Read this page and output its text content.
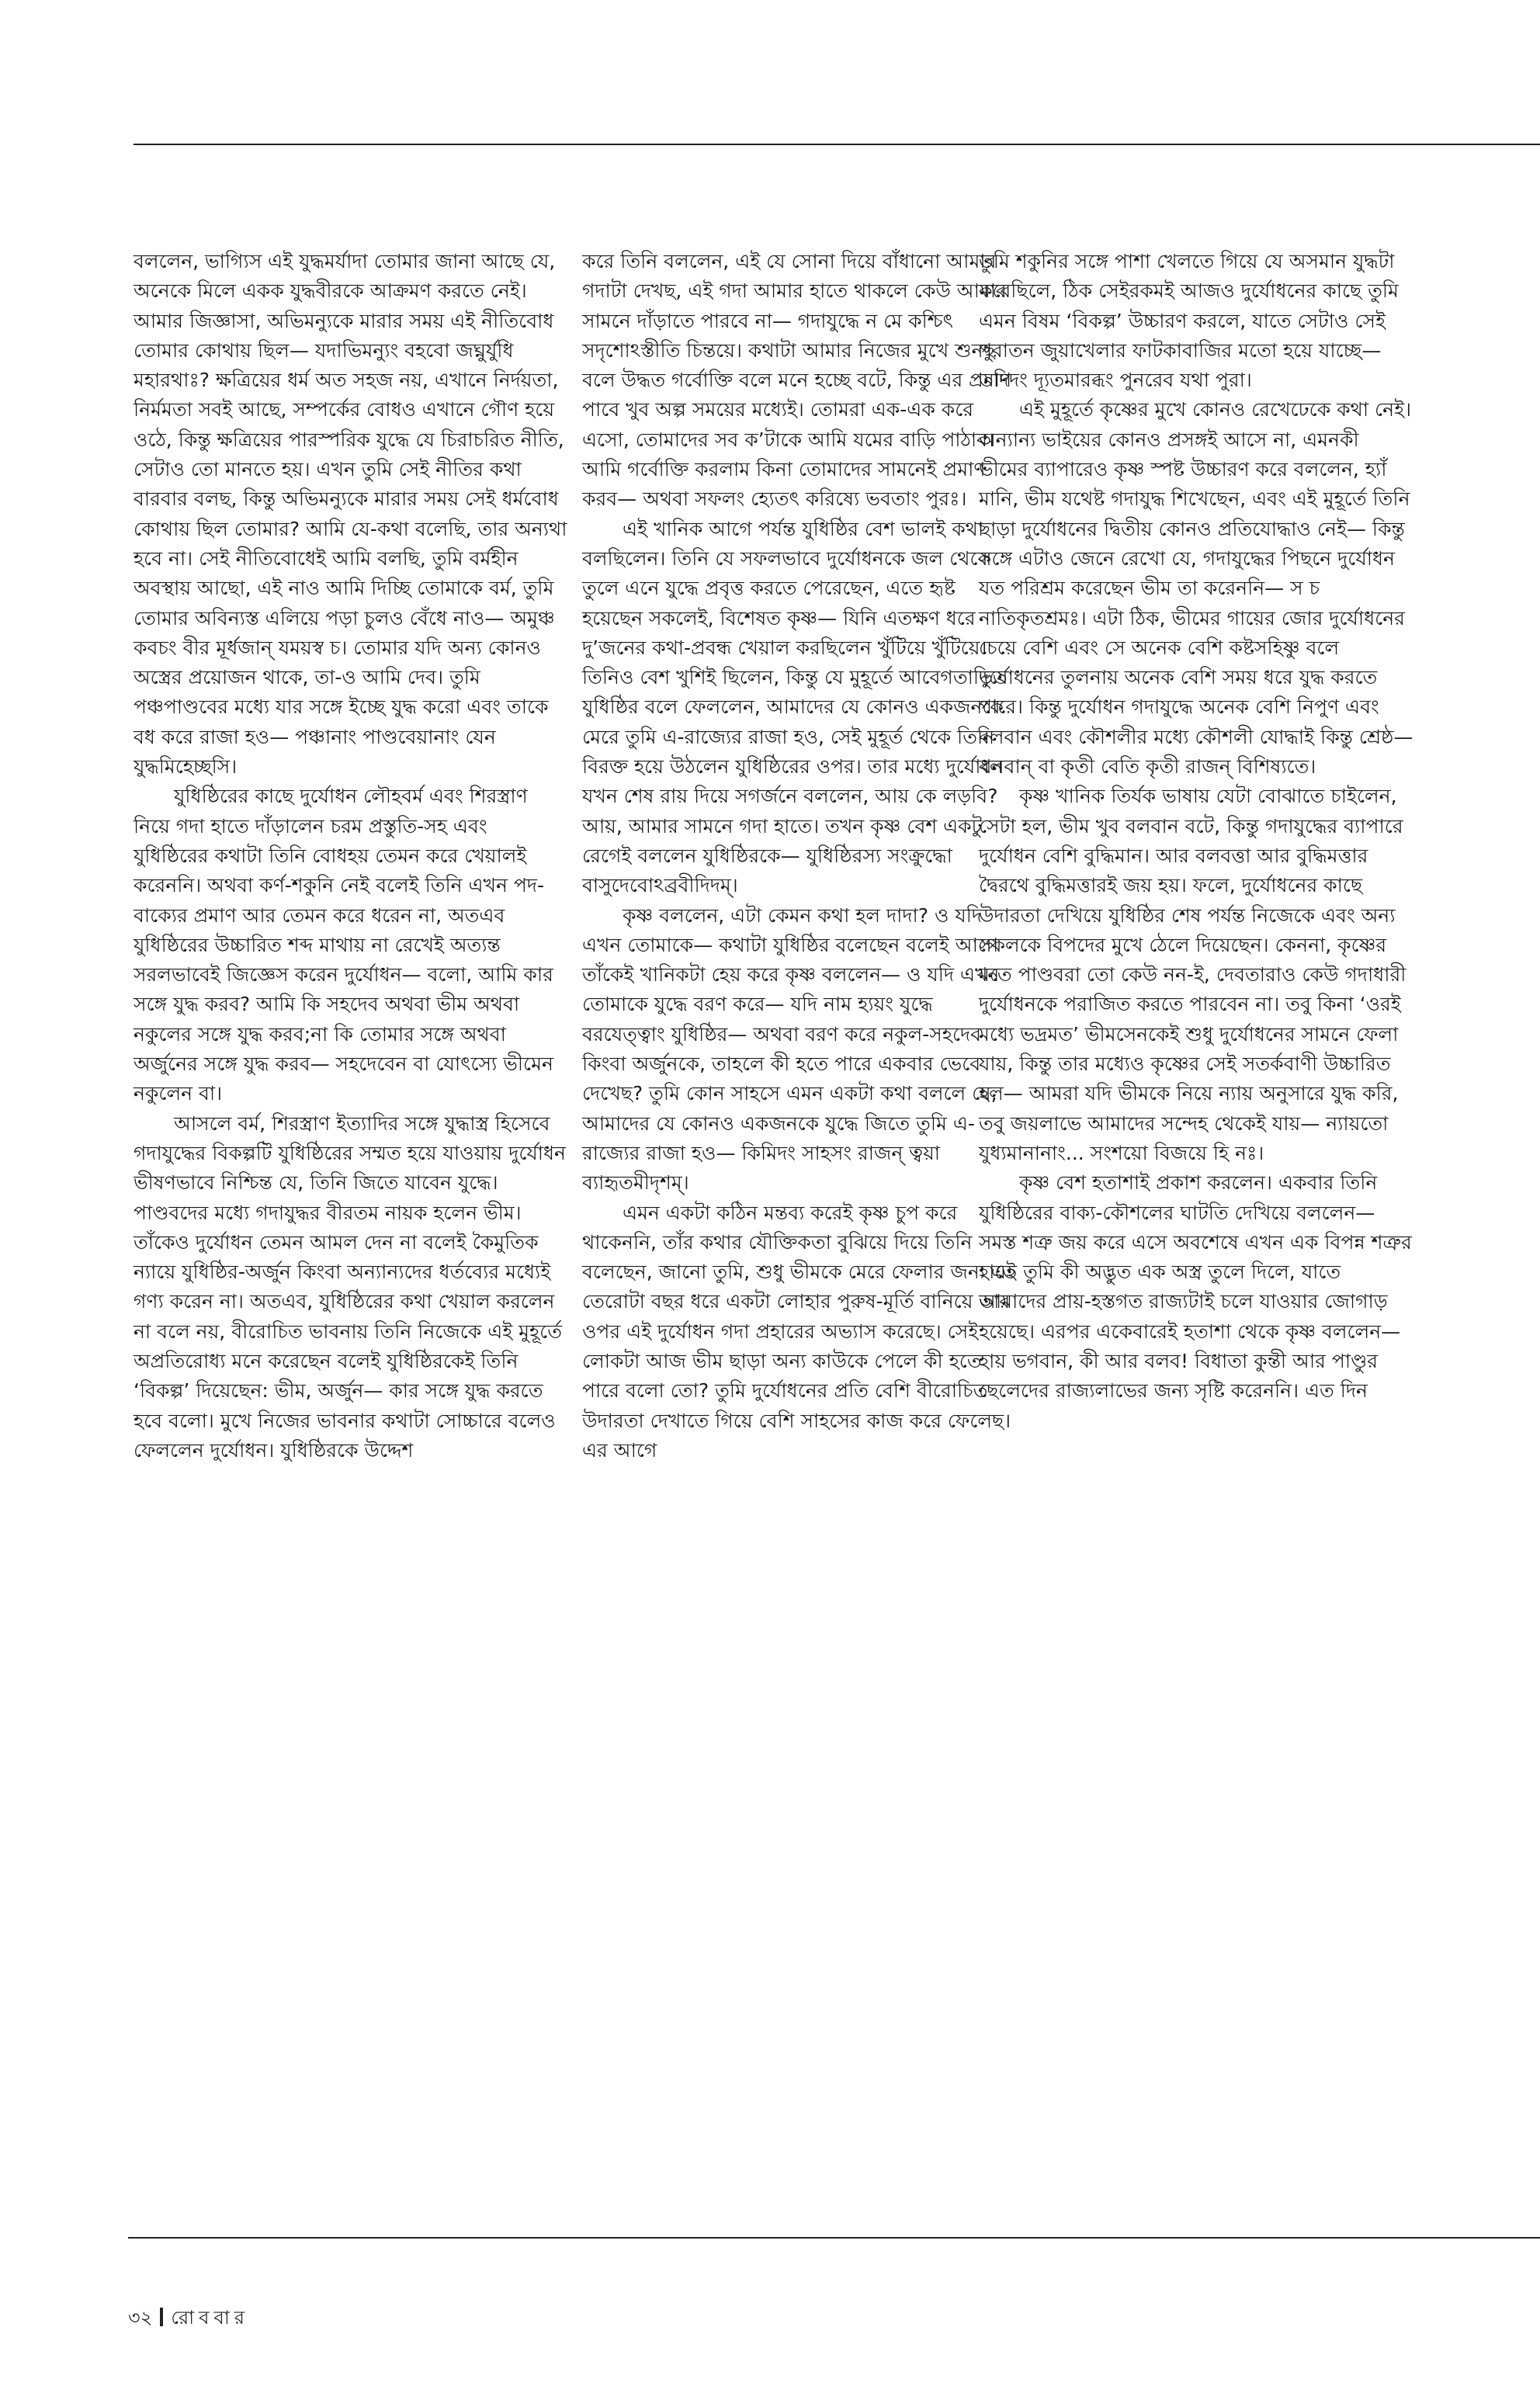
বললেন, ভাগ্যিস এই যুদ্ধমর্যাদা তোমার জানা আছে যে, অনেকে মিলে একক যুদ্ধবীরকে আক্রমণ করতে নেই। আমার জিজ্ঞাসা, অভিমন্যুকে মারার সময় এই নীতিবোধ তোমার কোথায় ছিল— যদাভিমন্যুং বহবো জঘ্নুর্যুধি মহারথাঃ? ক্ষত্রিয়ের ধর্ম অত সহজ নয়, এখানে নির্দয়তা, নির্মমতা সবই আছে, সম্পর্কের বোধও এখানে গৌণ হয়ে ওঠে, কিন্তু ক্ষত্রিয়ের পারস্পরিক যুদ্ধে যে চিরাচরিত নীতি, সেটাও তো মানতে হয়। এখন তুমি সেই নীতির কথা বারবার বলছ, কিন্তু অভিমন্যুকে মারার সময় সেই ধর্মবোধ কোথায় ছিল তোমার? আমি যে-কথা বলেছি, তার অন্যথা হবে না। সেই নীতিবোধেই আমি বলছি, তুমি বর্মহীন অবস্থায় আছো, এই নাও আমি দিচ্ছি তোমাকে বর্ম, তুমি তোমার অবিন্যস্ত এলিয়ে পড়া চুলও বেঁধে নাও— অমুঞ্চ কবচং বীর মূর্ধজান্ যময়স্ব চ। তোমার যদি অন্য কোনও অস্ত্রের প্রয়োজন থাকে, তা-ও আমি দেব। তুমি পঞ্চপাণ্ডবের মধ্যে যার সঙ্গে ইচ্ছে যুদ্ধ করো এবং তাকে বধ করে রাজা হও— পঞ্চানাং পাণ্ডবেয়ানাং যেন যুদ্ধমিহেচ্ছসি।

যুধিষ্ঠিরের কাছে দুর্যোধন লৌহবর্ম এবং শিরস্ত্রাণ নিয়ে গদা হাতে দাঁড়ালেন চরম প্রস্তুতি-সহ এবং যুধিষ্ঠিরের কথাটা তিনি বোধহয় তেমন করে খেয়ালই করেননি। অথবা কর্ণ-শকুনি নেই বলেই তিনি এখন পদ-বাক্যের প্রমাণ আর তেমন করে ধরেন না, অতএব যুধিষ্ঠিরের উচ্চারিত শব্দ মাথায় না রেখেই অত্যন্ত সরলভাবেই জিজ্ঞেস করেন দুর্যোধন— বলো, আমি কার সঙ্গে যুদ্ধ করব? আমি কি সহদেব অথবা ভীম অথবা নকুলের সঙ্গে যুদ্ধ করব;না কি তোমার সঙ্গে অথবা অর্জুনের সঙ্গে যুদ্ধ করব— সহদেবেন বা যোৎস্যে ভীমেন নকুলেন বা।

আসলে বর্ম, শিরস্ত্রাণ ইত্যাদির সঙ্গে যুদ্ধাস্ত্র হিসেবে গদাযুদ্ধের বিকল্পটি যুধিষ্ঠিরের সম্মত হয়ে যাওয়ায় দুর্যোধন ভীষণভাবে নিশ্চিন্ত যে, তিনি জিতে যাবেন যুদ্ধে। পাণ্ডবদের মধ্যে গদাযুদ্ধর বীরতম নায়ক হলেন ভীম। তাঁকেও দুর্যোধন তেমন আমল দেন না বলেই কৈমুতিক ন্যায়ে যুধিষ্ঠির-অর্জুন কিংবা অন্যান্যদের ধর্তব্যের মধ্যেই গণ্য করেন না। অতএব, যুধিষ্ঠিরের কথা খেয়াল করলেন না বলে নয়, বীরোচিত ভাবনায় তিনি নিজেকে এই মুহূর্তে অপ্রতিরোধ্য মনে করেছেন বলেই যুধিষ্ঠিরকেই তিনি ‘বিকল্প’ দিয়েছেন: ভীম, অর্জুন— কার সঙ্গে যুদ্ধ করতে হবে বলো। মুখে নিজের ভাবনার কথাটা সোচ্চারে বলেও ফেললেন দুর্যোধন। যুধিষ্ঠিরকে উদ্দেশ

করে তিনি বললেন, এই যে সোনা দিয়ে বাঁধানো আমার গদাটা দেখছ, এই গদা আমার হাতে থাকলে কেউ আমার সামনে দাঁড়াতে পারবে না— গদাযুদ্ধে ন মে কশ্চিৎ সদৃশোঽস্তীতি চিন্তয়ে। কথাটা আমার নিজের মুখে শুনছ বলে উদ্ধত গর্বোক্তি বলে মনে হচ্ছে বটে, কিন্তু এর প্রমাণ পাবে খুব অল্প সময়ের মধ্যেই। তোমরা এক-এক করে এসো, তোমাদের সব ক’টাকে আমি যমের বাড়ি পাঠাব। আমি গর্বোক্তি করলাম কিনা তোমাদের সামনেই প্রমাণ করব— অথবা সফলং হ্যেতৎ করিষ্যে ভবতাং পুরঃ।

এই খানিক আগে পর্যন্ত যুধিষ্ঠির বেশ ভালই কথা বলছিলেন। তিনি যে সফলভাবে দুর্যোধনকে জল থেকে তুলে এনে যুদ্ধে প্রবৃত্ত করতে পেরেছেন, এতে হৃষ্ট হয়েছেন সকলেই, বিশেষত কৃষ্ণ— যিনি এতক্ষণ ধরে দু’জনের কথা-প্রবন্ধ খেয়াল করছিলেন খুঁটিয়ে খুঁটিয়ে। তিনিও বেশ খুশিই ছিলেন, কিন্তু যে মুহূর্তে আবেগতাড়িত যুধিষ্ঠির বলে ফেললেন, আমাদের যে কোনও একজনকে মেরে তুমি এ-রাজ্যের রাজা হও, সেই মুহূর্ত থেকে তিনি বিরক্ত হয়ে উঠলেন যুধিষ্ঠিরের ওপর। তার মধ্যে দুর্যোধন যখন শেষ রায় দিয়ে সগর্জনে বললেন, আয় কে লড়বি? আয়, আমার সামনে গদা হাতে। তখন কৃষ্ণ বেশ একটু রেগেই বললেন যুধিষ্ঠিরকে— যুধিষ্ঠিরস্য সংক্রুদ্ধো বাসুদেবোঽব্রবীদিদম্।

কৃষ্ণ বললেন, এটা কেমন কথা হল দাদা? ও যদি এখন তোমাকে— কথাটা যুধিষ্ঠির বলেছেন বলেই আগে তাঁকেই খানিকটা হেয় করে কৃষ্ণ বললেন— ও যদি এখন তোমাকে যুদ্ধে বরণ করে— যদি নাম হ্যয়ং যুদ্ধে বরযেত্ত্বাং যুধিষ্ঠির— অথবা বরণ করে নকুল-সহদেব কিংবা অর্জুনকে, তাহলে কী হতে পারে একবার ভেবে দেখেছ? তুমি কোন সাহসে এমন একটা কথা বললে যে, আমাদের যে কোনও একজনকে যুদ্ধে জিতে তুমি এ-রাজ্যের রাজা হও— কিমিদং সাহসং রাজন্ ত্বয়া ব্যাহৃতমীদৃশম্।

এমন একটা কঠিন মন্তব্য করেই কৃষ্ণ চুপ করে থাকেননি, তাঁর কথার যৌক্তিকতা বুঝিয়ে দিয়ে তিনি বলেছেন, জানো তুমি, শুধু ভীমকে মেরে ফেলার জন্য এই তেরোটা বছর ধরে একটা লোহার পুরুষ-মূর্তি বানিয়ে তার ওপর এই দুর্যোধন গদা প্রহারের অভ্যাস করেছে। সেই লোকটা আজ ভীম ছাড়া অন্য কাউকে পেলে কী হতে পারে বলো তো? তুমি দুর্যোধনের প্রতি বেশি বীরোচিত উদারতা দেখাতে গিয়ে বেশি সাহসের কাজ করে ফেলেছ। এর আগে

তুমি শকুনির সঙ্গে পাশা খেলতে গিয়ে যে অসমান যুদ্ধটা করেছিলে, ঠিক সেইরকমই আজও দুর্যোধনের কাছে তুমি এমন বিষম ‘বিকল্প’ উচ্চারণ করলে, যাতে সেটাও সেই পুরাতন জুয়াখেলার ফাটকাবাজির মতো হয়ে যাচ্ছে— তদিদং দ্যূতমারব্ধং পুনরেব যথা পুরা।

এই মুহূর্তে কৃষ্ণের মুখে কোনও রেখেঢেকে কথা নেই। অন্যান্য ভাইয়ের কোনও প্রসঙ্গই আসে না, এমনকী ভীমের ব্যাপারেও কৃষ্ণ স্পষ্ট উচ্চারণ করে বললেন, হ্যাঁ মানি, ভীম যথেষ্ট গদাযুদ্ধ শিখেছেন, এবং এই মুহূর্তে তিনি ছাড়া দুর্যোধনের দ্বিতীয় কোনও প্রতিযোদ্ধাও নেই— কিন্তু সঙ্গে এটাও জেনে রেখো যে, গদাযুদ্ধের পিছনে দুর্যোধন যত পরিশ্রম করেছেন ভীম তা করেননি— স চ নাতিকৃতশ্রমঃ। এটা ঠিক, ভীমের গায়ের জোর দুর্যোধনের চেয়ে বেশি এবং সে অনেক বেশি কষ্টসহিষ্ণু বলে দুর্যোধনের তুলনায় অনেক বেশি সময় ধরে যুদ্ধ করতে পারে। কিন্তু দুর্যোধন গদাযুদ্ধে অনেক বেশি নিপুণ এবং বলবান এবং কৌশলীর মধ্যে কৌশলী যোদ্ধাই কিন্তু শ্রেষ্ঠ— বলবান্ বা কৃতী বেতি কৃতী রাজন্ বিশিষ্যতে।

কৃষ্ণ খানিক তির্যক ভাষায় যেটা বোঝাতে চাইলেন, সেটা হল, ভীম খুব বলবান বটে, কিন্তু গদাযুদ্ধের ব্যাপারে দুর্যোধন বেশি বুদ্ধিমান। আর বলবত্তা আর বুদ্ধিমত্তার দ্বৈরথে বুদ্ধিমত্তারই জয় হয়। ফলে, দুর্যোধনের কাছে উদারতা দেখিয়ে যুধিষ্ঠির শেষ পর্যন্ত নিজেকে এবং অন্য সকলকে বিপদের মুখে ঠেলে দিয়েছেন। কেননা, কৃষ্ণের মতে পাণ্ডবরা তো কেউ নন-ই, দেবতারাও কেউ গদাধারী দুর্যোধনকে পরাজিত করতে পারবেন না। তবু কিনা ‘ওরই মধ্যে ভদ্রমত’ ভীমসেনকেই শুধু দুর্যোধনের সামনে ফেলা যায়, কিন্তু তার মধ্যেও কৃষ্ণের সেই সতর্কবাণী উচ্চারিত হল— আমরা যদি ভীমকে নিয়ে ন্যায় অনুসারে যুদ্ধ করি, তবু জয়লাভে আমাদের সন্দেহ থেকেই যায়— ন্যায়তো যুধ্যমানানাং... সংশয়ো বিজয়ে হি নঃ।

কৃষ্ণ বেশ হতাশাই প্রকাশ করলেন। একবার তিনি যুধিষ্ঠিরের বাক্য-কৌশলের ঘাটতি দেখিয়ে বললেন— সমস্ত শত্রু জয় করে এসে অবশেষে এখন এক বিপন্ন শত্রুর হাতে তুমি কী অদ্ভুত এক অস্ত্র তুলে দিলে, যাতে আমাদের প্রায়-হস্তগত রাজ্যটাই চলে যাওয়ার জোগাড় হয়েছে। এরপর একেবারেই হতাশা থেকে কৃষ্ণ বললেন— হায় ভগবান, কী আর বলব! বিধাতা কুন্তী আর পাণ্ডুর ছেলেদের রাজ্যলাভের জন্য সৃষ্টি করেননি। এত দিন

৩২ রোববার
